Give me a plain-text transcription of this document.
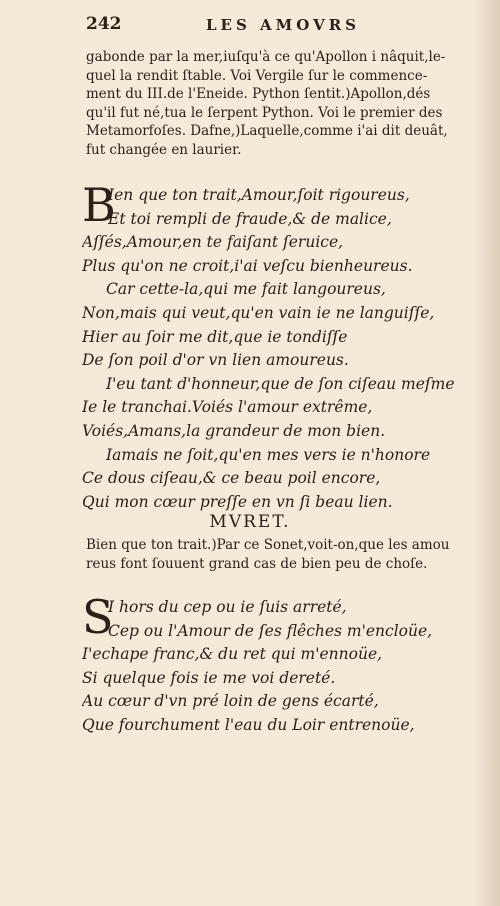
242	LES AMOVRS
gabonde par la mer,iuſqu'à ce qu'Apollon i nâquit,le-
quel la rendit ſtable. Voi Vergile ſur le commence-
ment du III.de l'Eneide. Python ſentit.)Apollon,dés
qu'il fut né,tua le ſerpent Python. Voi le premier des
Metamorfoſes. Dafne,)Laquelle,comme i'ai dit deuât,
fut changée en laurier.
B
Ien que ton trait,Amour,ſoit rigoureus,
Et toi rempli de fraude,& de malice,
Aſſés,Amour,en te faiſant ſeruice,
Plus qu'on ne croit,i'ai veſcu bienheureus.
Car cette-la,qui me fait langoureus,
Non,mais qui veut,qu'en vain ie ne languiſſe,
Hier au ſoir me dit,que ie tondiſſe
De ſon poil d'or vn lien amoureus.
I'eu tant d'honneur,que de ſon ciſeau meſme
Ie le tranchai.Voiés l'amour extrême,
Voiés,Amans,la grandeur de mon bien.
Iamais ne ſoit,qu'en mes vers ie n'honore
Ce dous ciſeau,& ce beau poil encore,
Qui mon cœur preſſe en vn ſi beau lien.
MVRET.
Bien que ton trait.)Par ce Sonet,voit-on,que les amou
reus font ſouuent grand cas de bien peu de choſe.
S
I hors du cep ou ie ſuis arreté,
Cep ou l'Amour de ſes flêches m'encloüe,
I'echape franc,& du ret qui m'ennoüe,
Si quelque fois ie me voi dereté.
Au cœur d'vn pré loin de gens écarté,
Que fourchument l'eau du Loir entrenoüe,
